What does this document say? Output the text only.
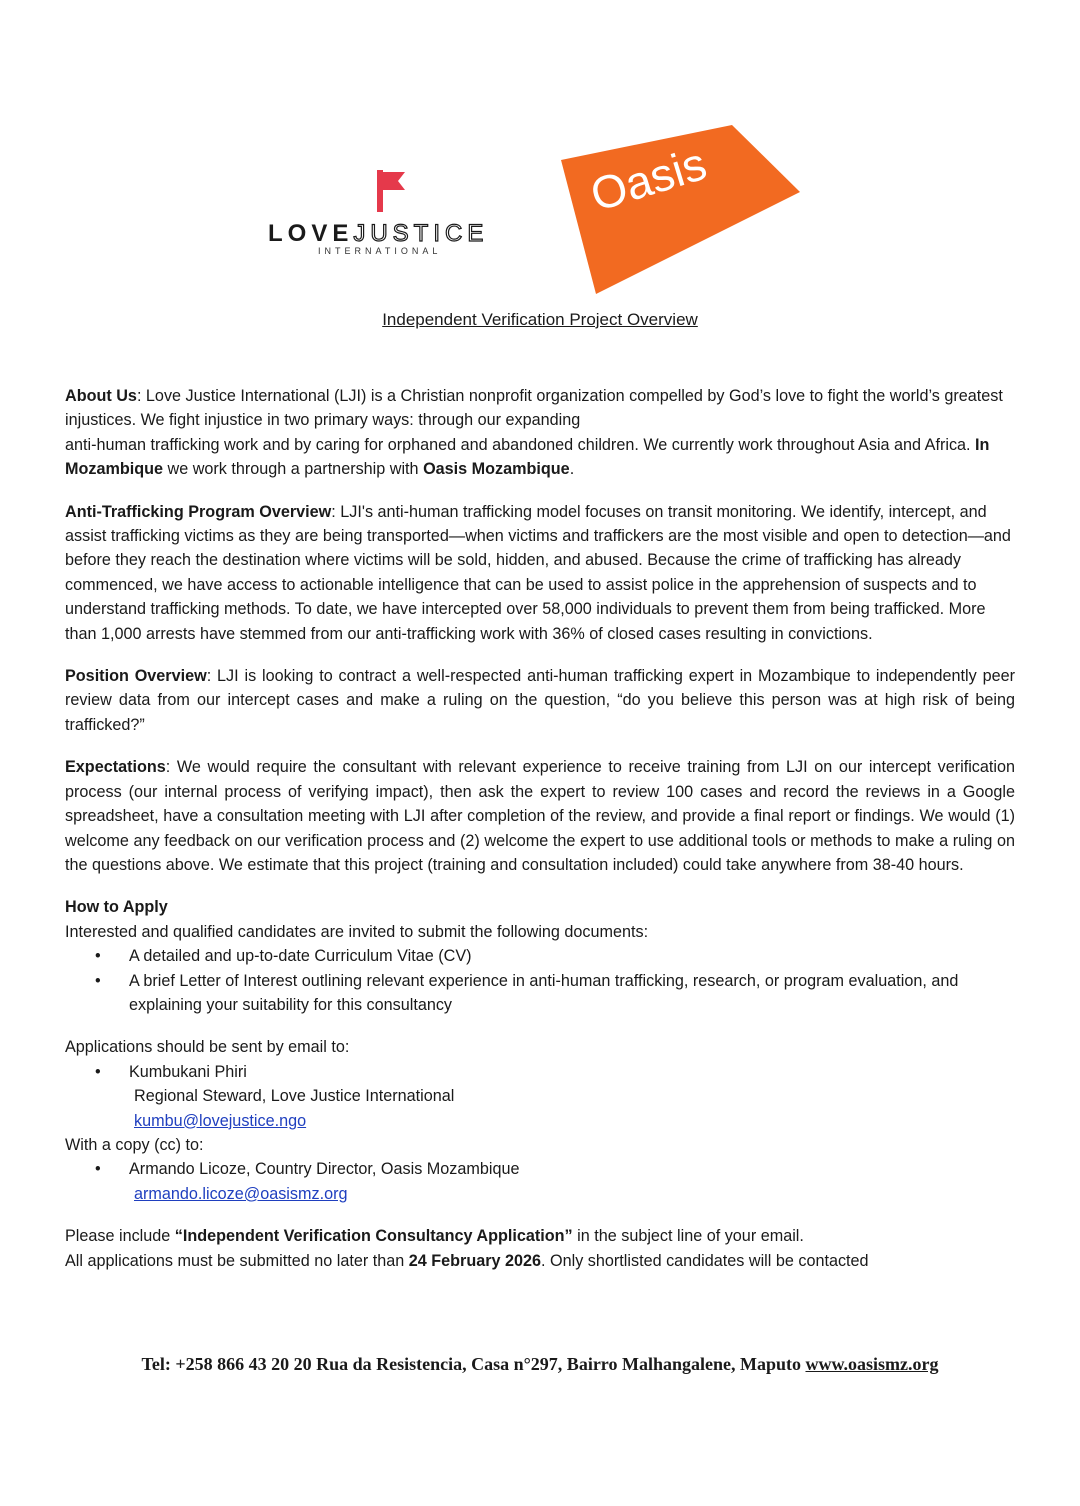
LOVEJUSTICE
INTERNATIONAL
Oasis
Independent Verification Project Overview

About Us: Love Justice International (LJI) is a Christian nonprofit organization compelled by God’s love to fight the world’s greatest injustices. We fight injustice in two primary ways: through our expanding
anti-human trafficking work and by caring for orphaned and abandoned children. We currently work throughout Asia and Africa. In Mozambique we work through a partnership with Oasis Mozambique.

Anti-Trafficking Program Overview: LJI's anti-human trafficking model focuses on transit monitoring. We identify, intercept, and assist trafficking victims as they are being transported—when victims and traffickers are the most visible and open to detection—and before they reach the destination where victims will be sold, hidden, and abused. Because the crime of trafficking has already commenced, we have access to actionable intelligence that can be used to assist police in the apprehension of suspects and to understand trafficking methods. To date, we have intercepted over 58,000 individuals to prevent them from being trafficked. More than 1,000 arrests have stemmed from our anti-trafficking work with 36% of closed cases resulting in convictions.

Position Overview: LJI is looking to contract a well-respected anti-human trafficking expert in Mozambique to independently peer review data from our intercept cases and make a ruling on the question, “do you believe this person was at high risk of being trafficked?”

Expectations: We would require the consultant with relevant experience to receive training from LJI on our intercept verification process (our internal process of verifying impact), then ask the expert to review 100 cases and record the reviews in a Google spreadsheet, have a consultation meeting with LJI after completion of the review, and provide a final report or findings. We would (1) welcome any feedback on our verification process and (2) welcome the expert to use additional tools or methods to make a ruling on the questions above. We estimate that this project (training and consultation included) could take anywhere from 38-40 hours.

How to Apply
Interested and qualified candidates are invited to submit the following documents:
• A detailed and up-to-date Curriculum Vitae (CV)
• A brief Letter of Interest outlining relevant experience in anti-human trafficking, research, or program evaluation, and explaining your suitability for this consultancy
Applications should be sent by email to:
• Kumbukani Phiri
Regional Steward, Love Justice International
kumbu@lovejustice.ngo
With a copy (cc) to:
• Armando Licoze, Country Director, Oasis Mozambique
armando.licoze@oasismz.org
Please include “Independent Verification Consultancy Application” in the subject line of your email.
All applications must be submitted no later than 24 February 2026. Only shortlisted candidates will be contacted
Tel: +258 866 43 20 20 Rua da Resistencia, Casa n°297, Bairro Malhangalene, Maputo www.oasismz.org
